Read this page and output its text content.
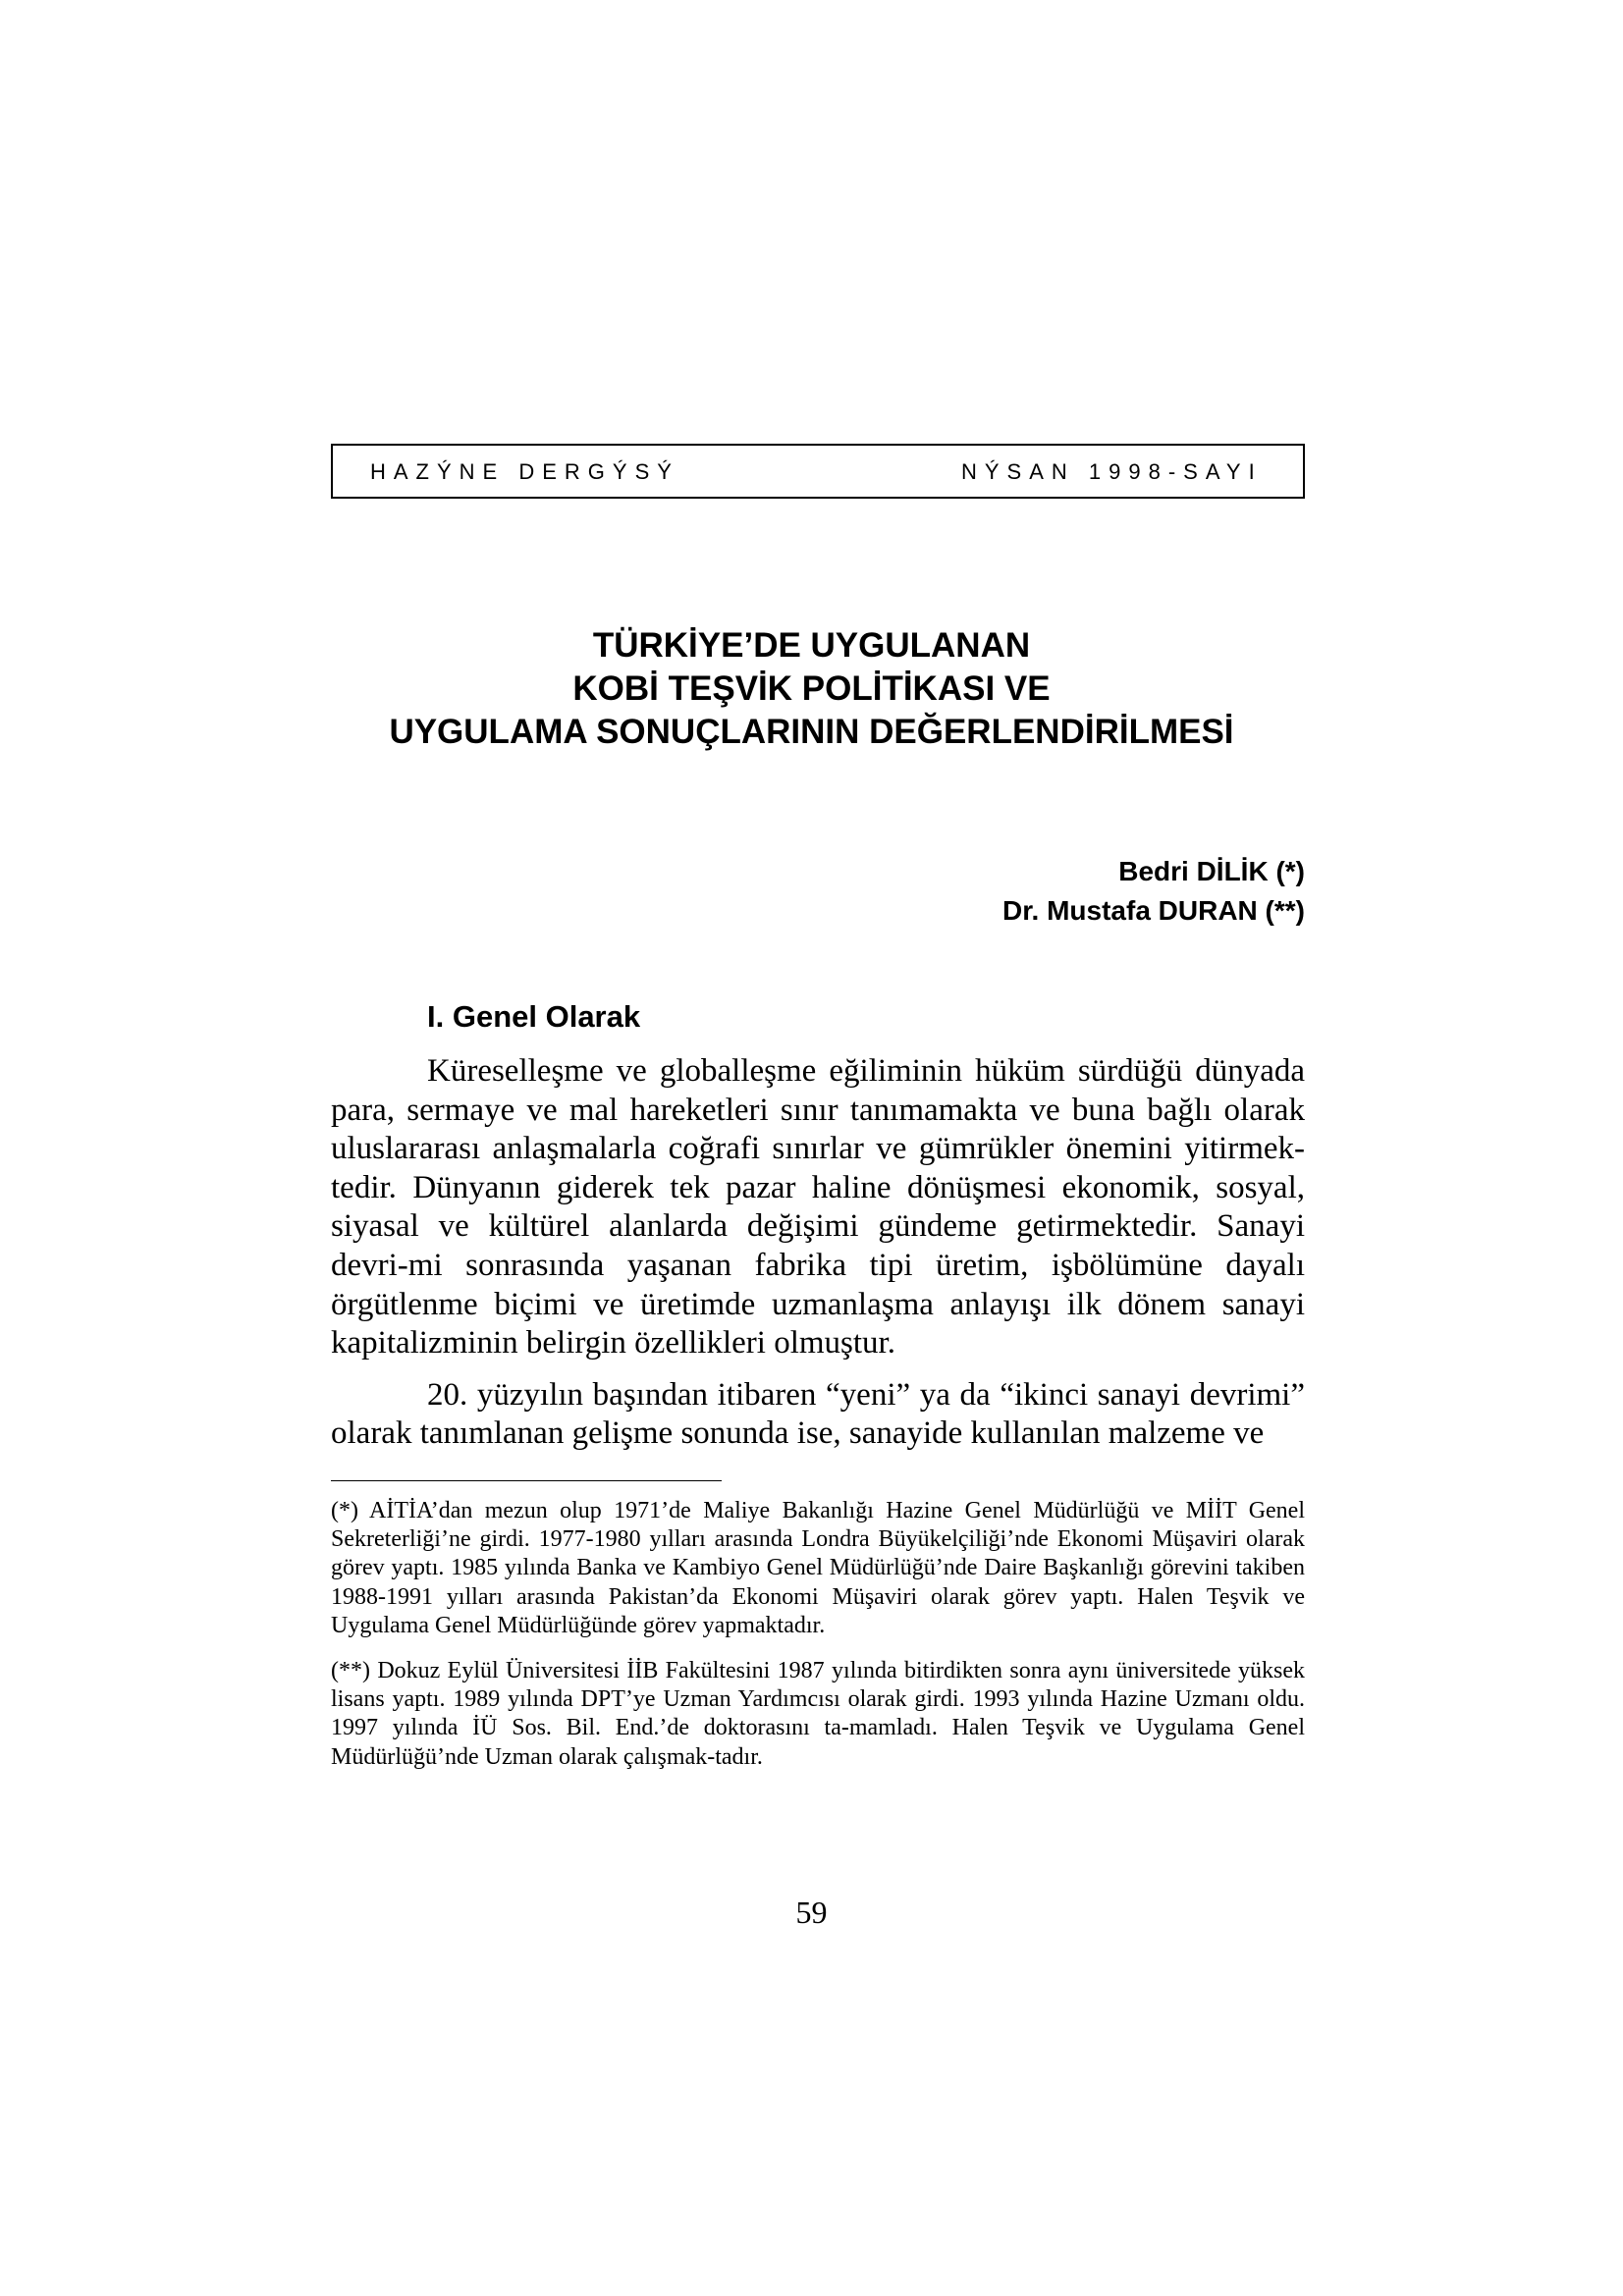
HAZÝNE DERGÝSÝ	NÝSAN 1998-SAYI
TÜRKİYE’DE UYGULANAN
KOBİ TEŞVİK POLİTİKASI VE
UYGULAMA SONUÇLARININ DEĞERLENDİRİLMESİ
Bedri DİLİK (*)
Dr. Mustafa DURAN (**)
I. Genel Olarak

Küreselleşme ve globalleşme eğiliminin hüküm sürdüğü dünyada para, sermaye ve mal hareketleri sınır tanımamakta ve buna bağlı olarak uluslararası anlaşmalarla coğrafi sınırlar ve gümrükler önemini yitirmek-tedir. Dünyanın giderek tek pazar haline dönüşmesi ekonomik, sosyal, siyasal ve kültürel alanlarda değişimi gündeme getirmektedir. Sanayi devri-mi sonrasında yaşanan fabrika tipi üretim, işbölümüne dayalı örgütlenme biçimi ve üretimde uzmanlaşma anlayışı ilk dönem sanayi kapitalizminin belirgin özellikleri olmuştur.

20. yüzyılın başından itibaren “yeni” ya da “ikinci sanayi devrimi” olarak tanımlanan gelişme sonunda ise, sanayide kullanılan malzeme ve

(*) AİTİA’dan mezun olup 1971’de Maliye Bakanlığı Hazine Genel Müdürlüğü ve MİİT Genel Sekreterliği’ne girdi. 1977-1980 yılları arasında Londra Büyükelçiliği’nde Ekonomi Müşaviri olarak görev yaptı. 1985 yılında Banka ve Kambiyo Genel Müdürlüğü’nde Daire Başkanlığı görevini takiben 1988-1991 yılları arasında Pakistan’da Ekonomi Müşaviri olarak görev yaptı. Halen Teşvik ve Uygulama Genel Müdürlüğünde görev yapmaktadır.

(**) Dokuz Eylül Üniversitesi İİB Fakültesini 1987 yılında bitirdikten sonra aynı üniversitede yüksek lisans yaptı. 1989 yılında DPT’ye Uzman Yardımcısı olarak girdi. 1993 yılında Hazine Uzmanı oldu. 1997 yılında İÜ Sos. Bil. End.’de doktorasını ta-mamladı. Halen Teşvik ve Uygulama Genel Müdürlüğü’nde Uzman olarak çalışmak-tadır.

59
